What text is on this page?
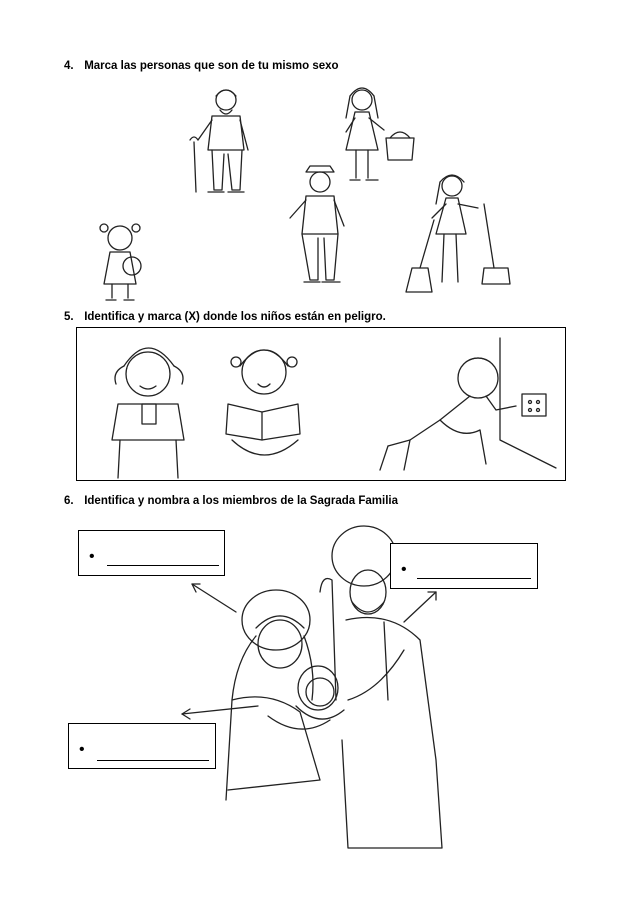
4. Marca las personas que son de tu mismo sexo
5. Identifica y marca (X) donde los niños están en peligro.
6. Identifica y nombra a los miembros de la Sagrada Familia
•
•
•
